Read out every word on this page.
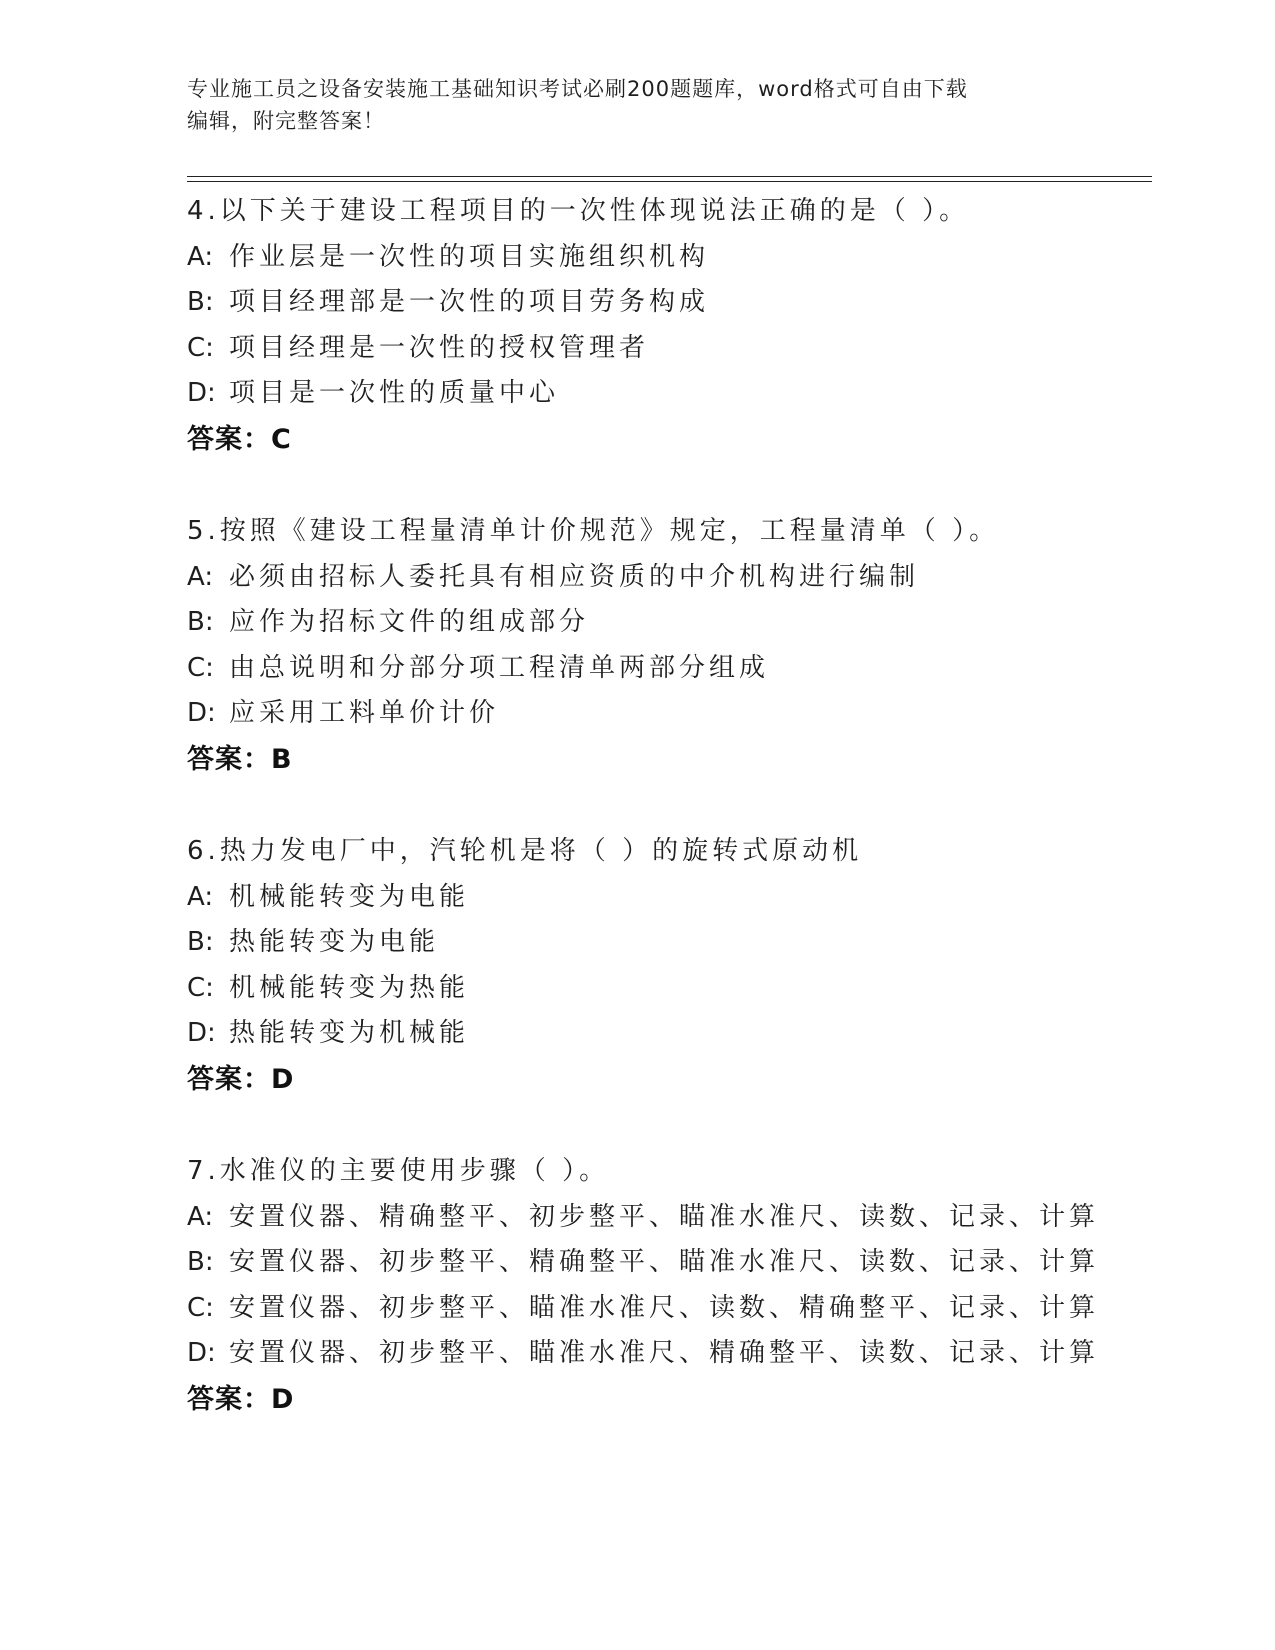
专业施工员之设备安装施工基础知识考试必刷200题题库，word格式可自由下载
编辑，附完整答案！
4.以下关于建设工程项目的一次性体现说法正确的是（ ）。
A: 作业层是一次性的项目实施组织机构
B: 项目经理部是一次性的项目劳务构成
C: 项目经理是一次性的授权管理者
D: 项目是一次性的质量中心
答案：C
5.按照《建设工程量清单计价规范》规定，工程量清单（ ）。
A: 必须由招标人委托具有相应资质的中介机构进行编制
B: 应作为招标文件的组成部分
C: 由总说明和分部分项工程清单两部分组成
D: 应采用工料单价计价
答案：B
6.热力发电厂中，汽轮机是将（ ）的旋转式原动机
A: 机械能转变为电能
B: 热能转变为电能
C: 机械能转变为热能
D: 热能转变为机械能
答案：D
7.水准仪的主要使用步骤（ ）。
A: 安置仪器、精确整平、初步整平、瞄准水准尺、读数、记录、计算
B: 安置仪器、初步整平、精确整平、瞄准水准尺、读数、记录、计算
C: 安置仪器、初步整平、瞄准水准尺、读数、精确整平、记录、计算
D: 安置仪器、初步整平、瞄准水准尺、精确整平、读数、记录、计算
答案：D
